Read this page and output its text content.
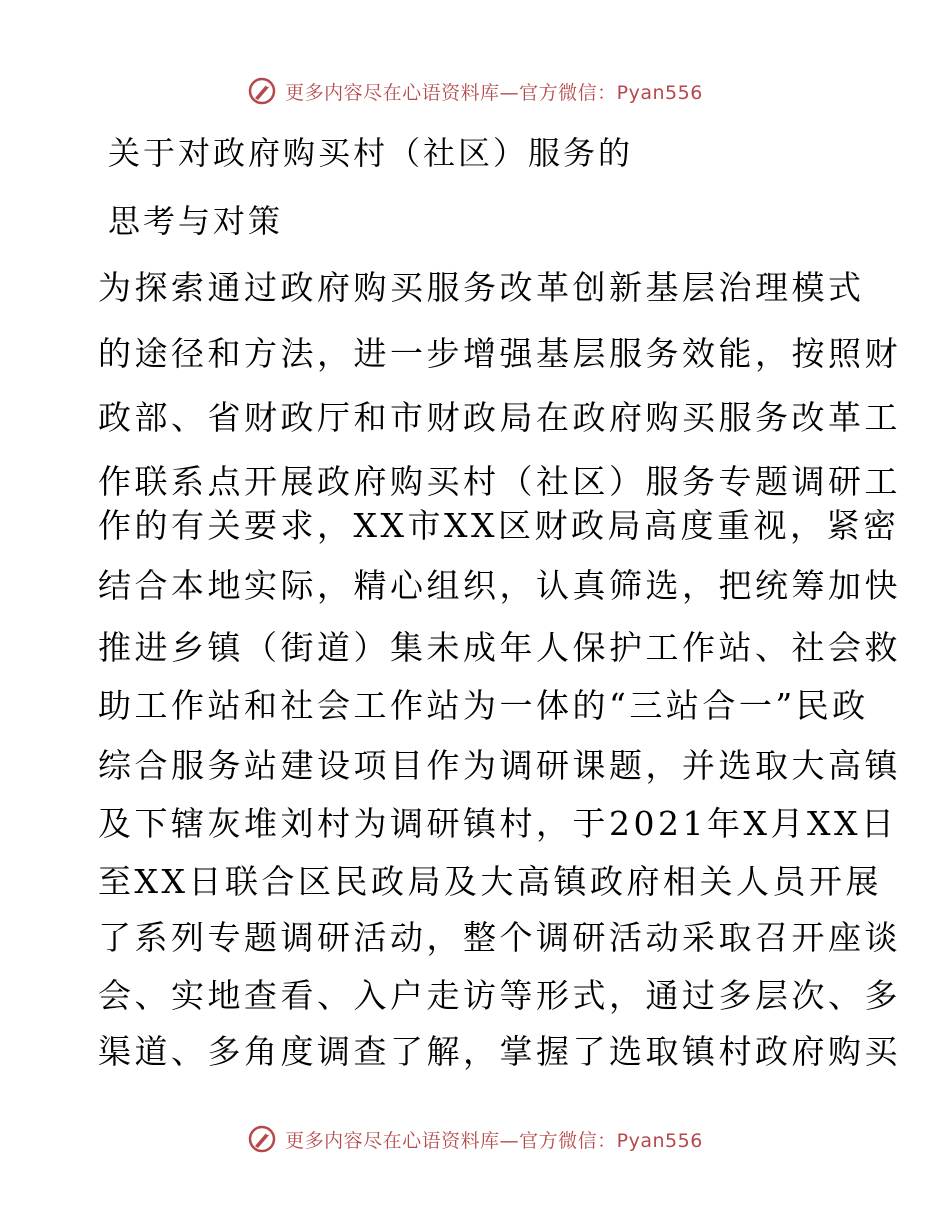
更多内容尽在心语资料库—官方微信：Pyan556
关于对政府购买村（社区）服务的
思考与对策
为探索通过政府购买服务改革创新基层治理模式
的途径和方法，进一步增强基层服务效能，按照财
政部、省财政厅和市财政局在政府购买服务改革工
作联系点开展政府购买村（社区）服务专题调研工
作的有关要求，XX市XX区财政局高度重视，紧密
结合本地实际，精心组织，认真筛选，把统筹加快
推进乡镇（街道）集未成年人保护工作站、社会救
助工作站和社会工作站为一体的“三站合一”民政
综合服务站建设项目作为调研课题，并选取大高镇
及下辖灰堆刘村为调研镇村，于2021年X月XX日
至XX日联合区民政局及大高镇政府相关人员开展
了系列专题调研活动，整个调研活动采取召开座谈
会、实地查看、入户走访等形式，通过多层次、多
渠道、多角度调查了解，掌握了选取镇村政府购买
更多内容尽在心语资料库—官方微信：Pyan556
